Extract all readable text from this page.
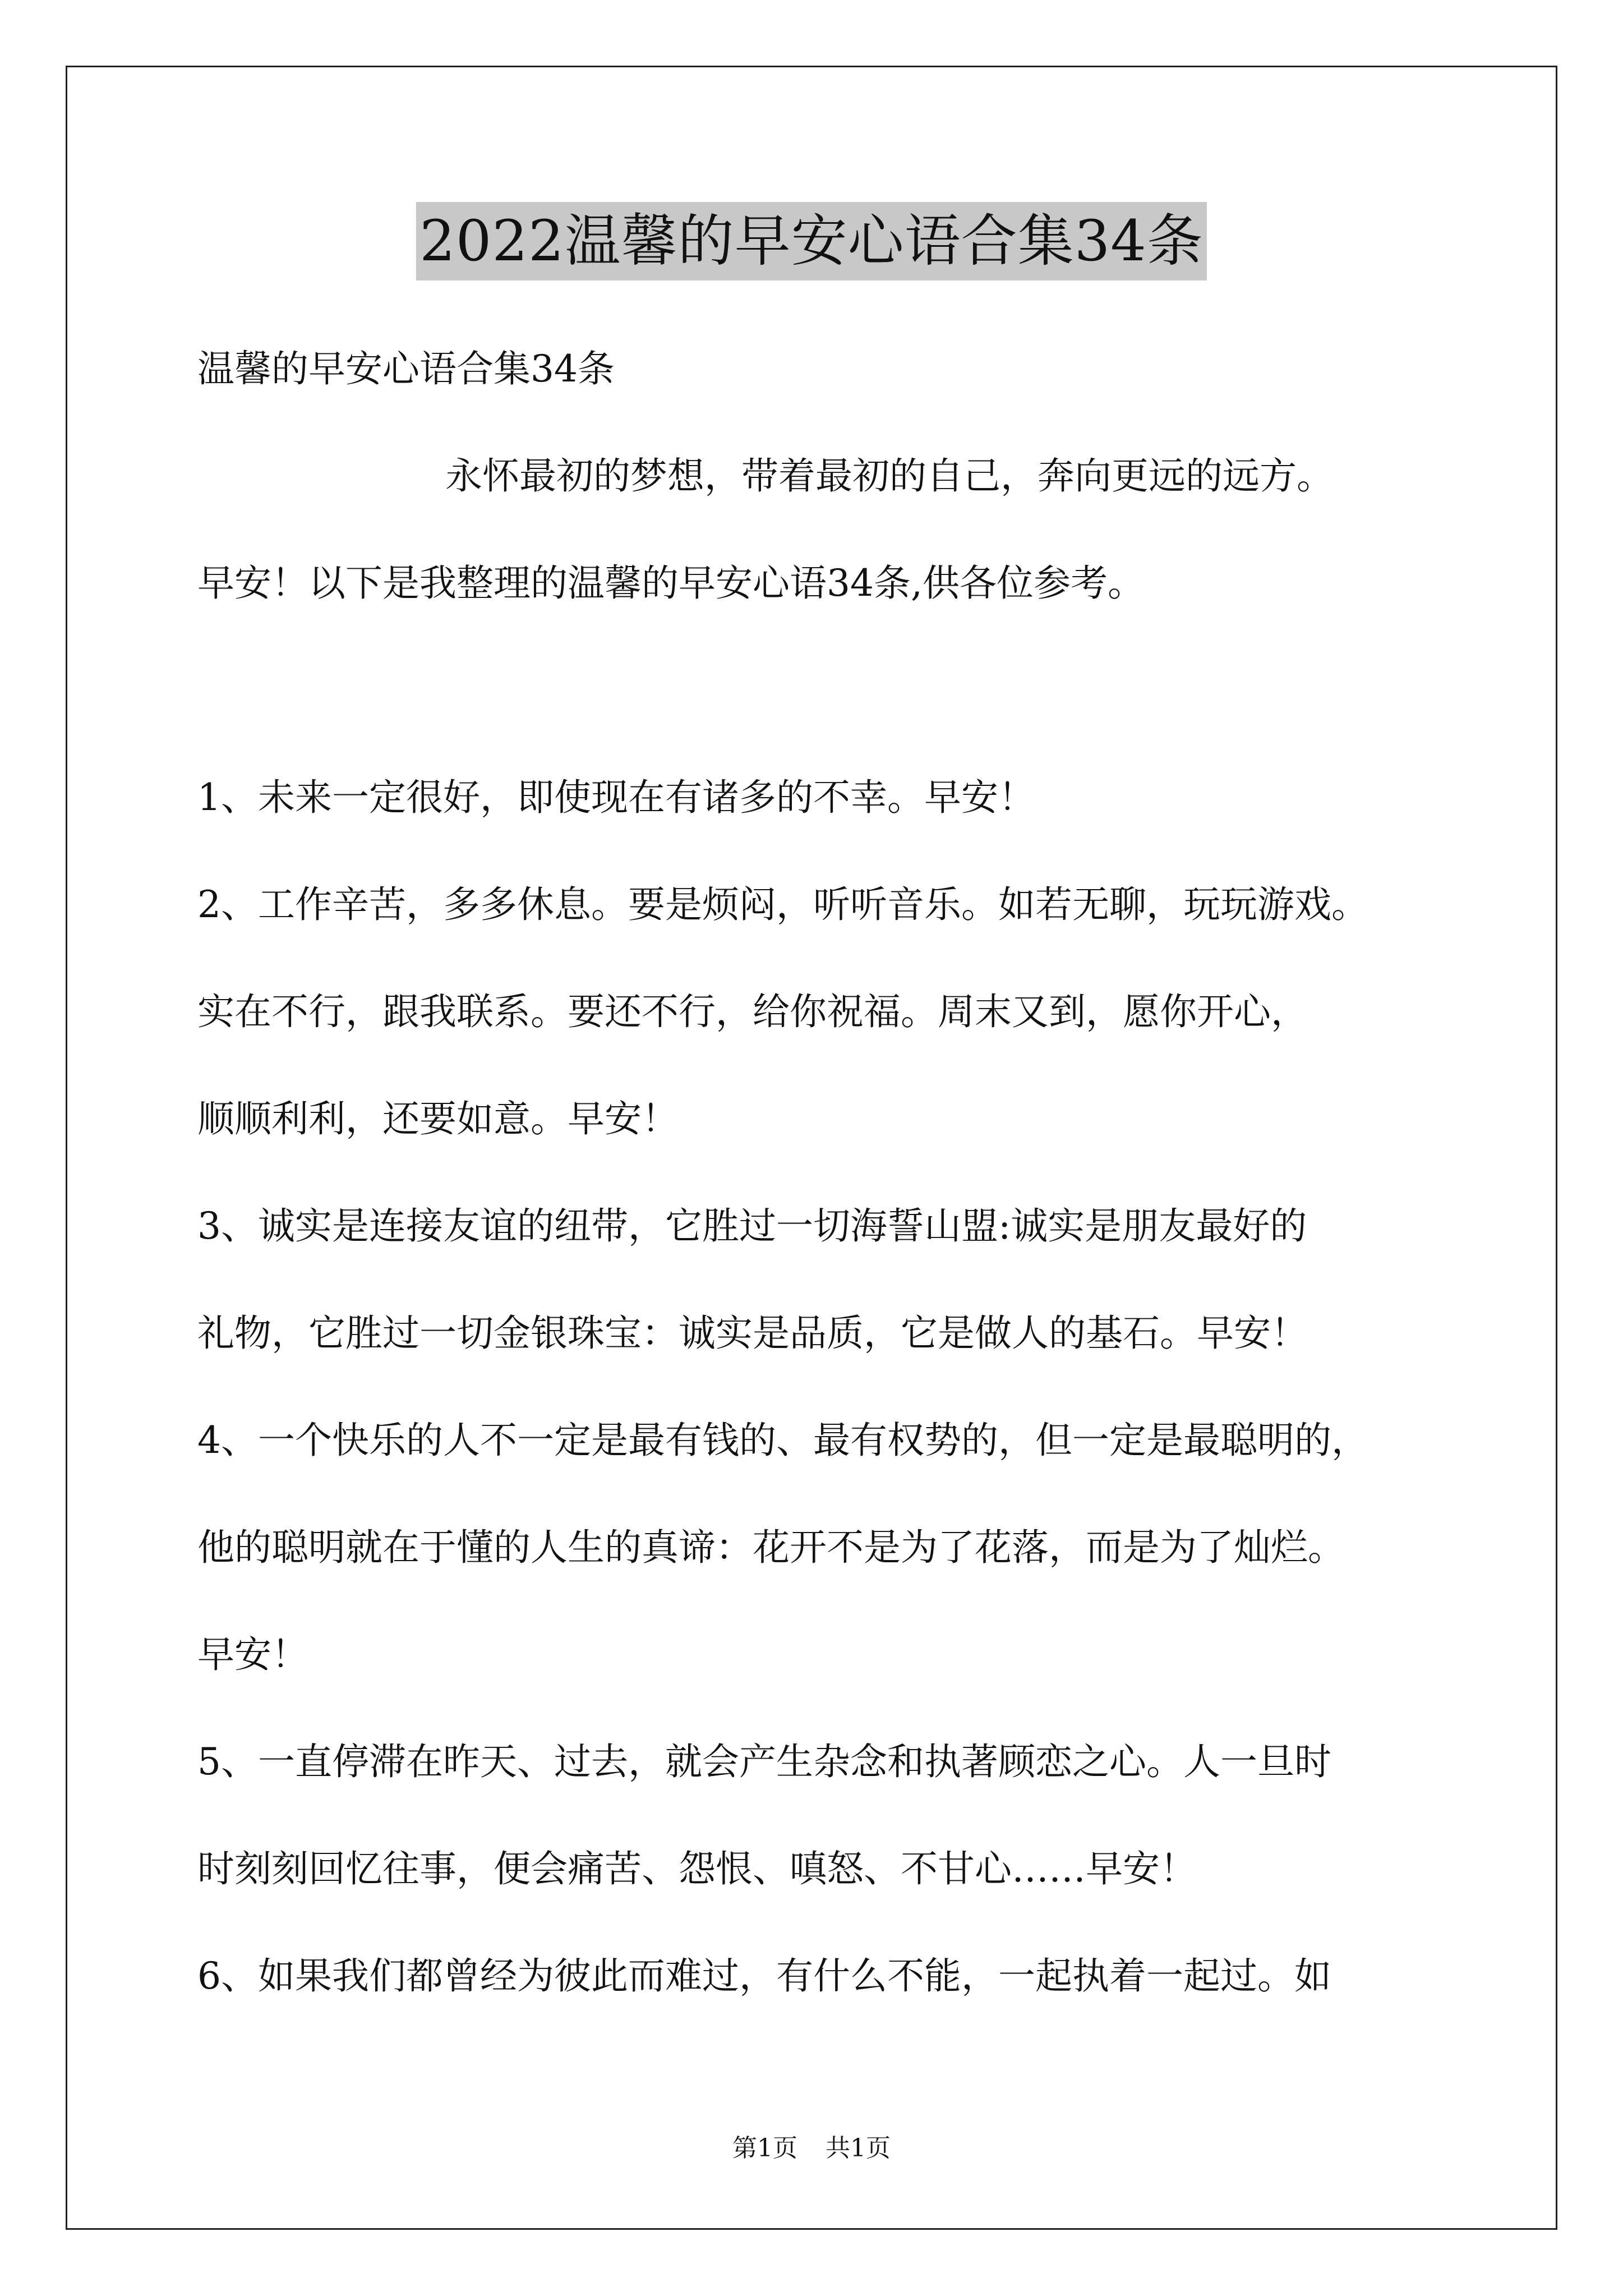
2022温馨的早安心语合集34条
温馨的早安心语合集34条
永怀最初的梦想，带着最初的自己，奔向更远的远方。
早安！以下是我整理的温馨的早安心语34条,供各位参考。
1、未来一定很好，即使现在有诸多的不幸。早安！
2、工作辛苦，多多休息。要是烦闷，听听音乐。如若无聊，玩玩游戏。
实在不行，跟我联系。要还不行，给你祝福。周末又到，愿你开心，
顺顺利利，还要如意。早安！
3、诚实是连接友谊的纽带，它胜过一切海誓山盟:诚实是朋友最好的
礼物，它胜过一切金银珠宝：诚实是品质，它是做人的基石。早安！
4、一个快乐的人不一定是最有钱的、最有权势的，但一定是最聪明的，
他的聪明就在于懂的人生的真谛：花开不是为了花落，而是为了灿烂。
早安！
5、一直停滞在昨天、过去，就会产生杂念和执著顾恋之心。人一旦时
时刻刻回忆往事，便会痛苦、怨恨、嗔怒、不甘心……早安！
6、如果我们都曾经为彼此而难过，有什么不能，一起执着一起过。如
第1页 共1页
